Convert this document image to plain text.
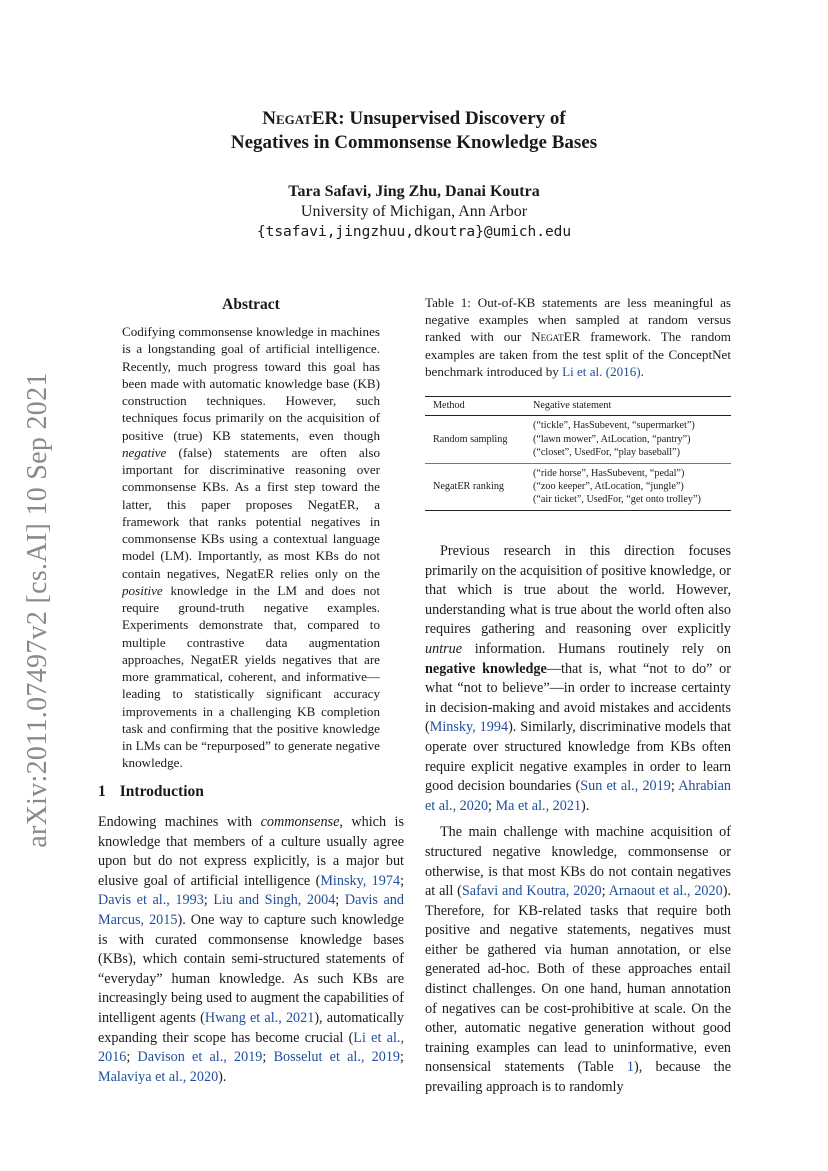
arXiv:2011.07497v2 [cs.AI] 10 Sep 2021
NegatER: Unsupervised Discovery of
Negatives in Commonsense Knowledge Bases
Tara Safavi, Jing Zhu, Danai Koutra
University of Michigan, Ann Arbor
{tsafavi,jingzhuu,dkoutra}@umich.edu
Abstract

Codifying commonsense knowledge in machines is a longstanding goal of artificial intelligence. Recently, much progress toward this goal has been made with automatic knowledge base (KB) construction techniques. However, such techniques focus primarily on the acquisition of positive (true) KB statements, even though negative (false) statements are often also important for discriminative reasoning over commonsense KBs. As a first step toward the latter, this paper proposes NegatER, a framework that ranks potential negatives in commonsense KBs using a contextual language model (LM). Importantly, as most KBs do not contain negatives, NegatER relies only on the positive knowledge in the LM and does not require ground-truth negative examples. Experiments demonstrate that, compared to multiple contrastive data augmentation approaches, NegatER yields negatives that are more grammatical, coherent, and informative—leading to statistically significant accuracy improvements in a challenging KB completion task and confirming that the positive knowledge in LMs can be “repurposed” to generate negative knowledge.

1 Introduction

Endowing machines with commonsense, which is knowledge that members of a culture usually agree upon but do not express explicitly, is a major but elusive goal of artificial intelligence (Minsky, 1974; Davis et al., 1993; Liu and Singh, 2004; Davis and Marcus, 2015). One way to capture such knowledge is with curated commonsense knowledge bases (KBs), which contain semi-structured statements of “everyday” human knowledge. As such KBs are increasingly being used to augment the capabilities of intelligent agents (Hwang et al., 2021), automatically expanding their scope has become crucial (Li et al., 2016; Davison et al., 2019; Bosselut et al., 2019; Malaviya et al., 2020).

Table 1: Out-of-KB statements are less meaningful as negative examples when sampled at random versus ranked with our NegatER framework. The random examples are taken from the test split of the ConceptNet benchmark introduced by Li et al. (2016).

Method	Negative statement
Random sampling	(“tickle”, HasSubevent, “supermarket”)
(“lawn mower”, AtLocation, “pantry”)
(“closet”, UsedFor, “play baseball”)

NegatER ranking	(“ride horse”, HasSubevent, “pedal”)
(“zoo keeper”, AtLocation, “jungle”)
(“air ticket”, UsedFor, “get onto trolley”)

Previous research in this direction focuses primarily on the acquisition of positive knowledge, or that which is true about the world. However, understanding what is true about the world often also requires gathering and reasoning over explicitly untrue information. Humans routinely rely on negative knowledge—that is, what “not to do” or what “not to believe”—in order to increase certainty in decision-making and avoid mistakes and accidents (Minsky, 1994). Similarly, discriminative models that operate over structured knowledge from KBs often require explicit negative examples in order to learn good decision boundaries (Sun et al., 2019; Ahrabian et al., 2020; Ma et al., 2021).

The main challenge with machine acquisition of structured negative knowledge, commonsense or otherwise, is that most KBs do not contain negatives at all (Safavi and Koutra, 2020; Arnaout et al., 2020). Therefore, for KB-related tasks that require both positive and negative statements, negatives must either be gathered via human annotation, or else generated ad-hoc. Both of these approaches entail distinct challenges. On one hand, human annotation of negatives can be cost-prohibitive at scale. On the other, automatic negative generation without good training examples can lead to uninformative, even nonsensical statements (Table 1), because the prevailing approach is to randomly
